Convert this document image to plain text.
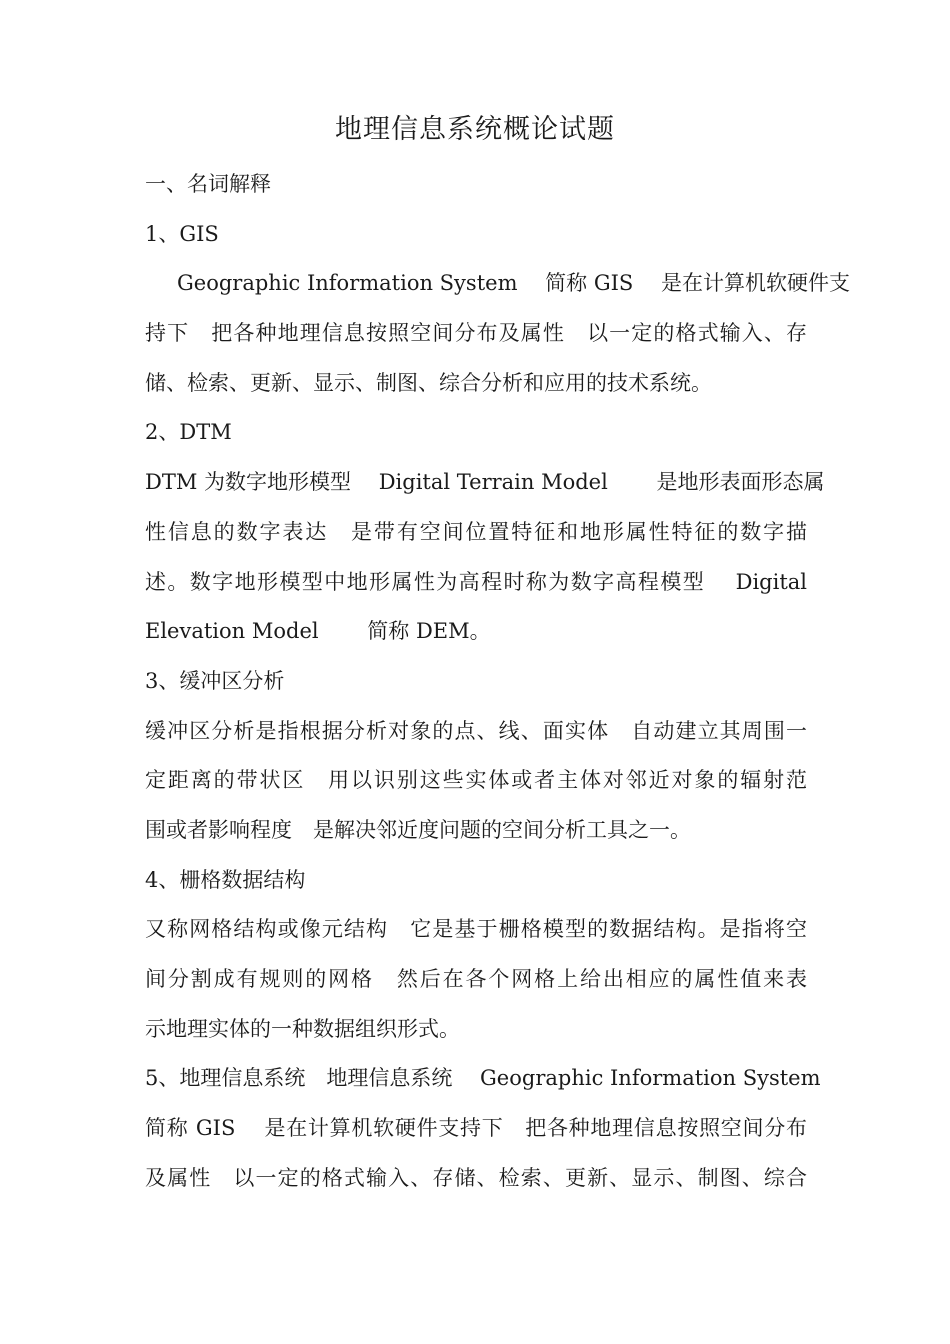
地理信息系统概论试题
一、名词解释
1、GIS
Geographic Information System　 简称 GIS 　是在计算机软硬件支
持下　把各种地理信息按照空间分布及属性　以一定的格式输入、存
储、检索、更新、显示、制图、综合分析和应用的技术系统。
2、DTM
DTM 为数字地形模型　 Digital Terrain Model　　 是地形表面形态属
性信息的数字表达　是带有空间位置特征和地形属性特征的数字描
述。数字地形模型中地形属性为高程时称为数字高程模型　 Digital
Elevation Model　　 简称 DEM。
3、缓冲区分析
缓冲区分析是指根据分析对象的点、线、面实体　自动建立其周围一
定距离的带状区　用以识别这些实体或者主体对邻近对象的辐射范
围或者影响程度　是解决邻近度问题的空间分析工具之一。
4、栅格数据结构
又称网格结构或像元结构　它是基于栅格模型的数据结构。是指将空
间分割成有规则的网格　然后在各个网格上给出相应的属性值来表
示地理实体的一种数据组织形式。
5、地理信息系统　地理信息系统　 Geographic Information System
简称 GIS 　是在计算机软硬件支持下　把各种地理信息按照空间分布
及属性　以一定的格式输入、存储、检索、更新、显示、制图、综合
